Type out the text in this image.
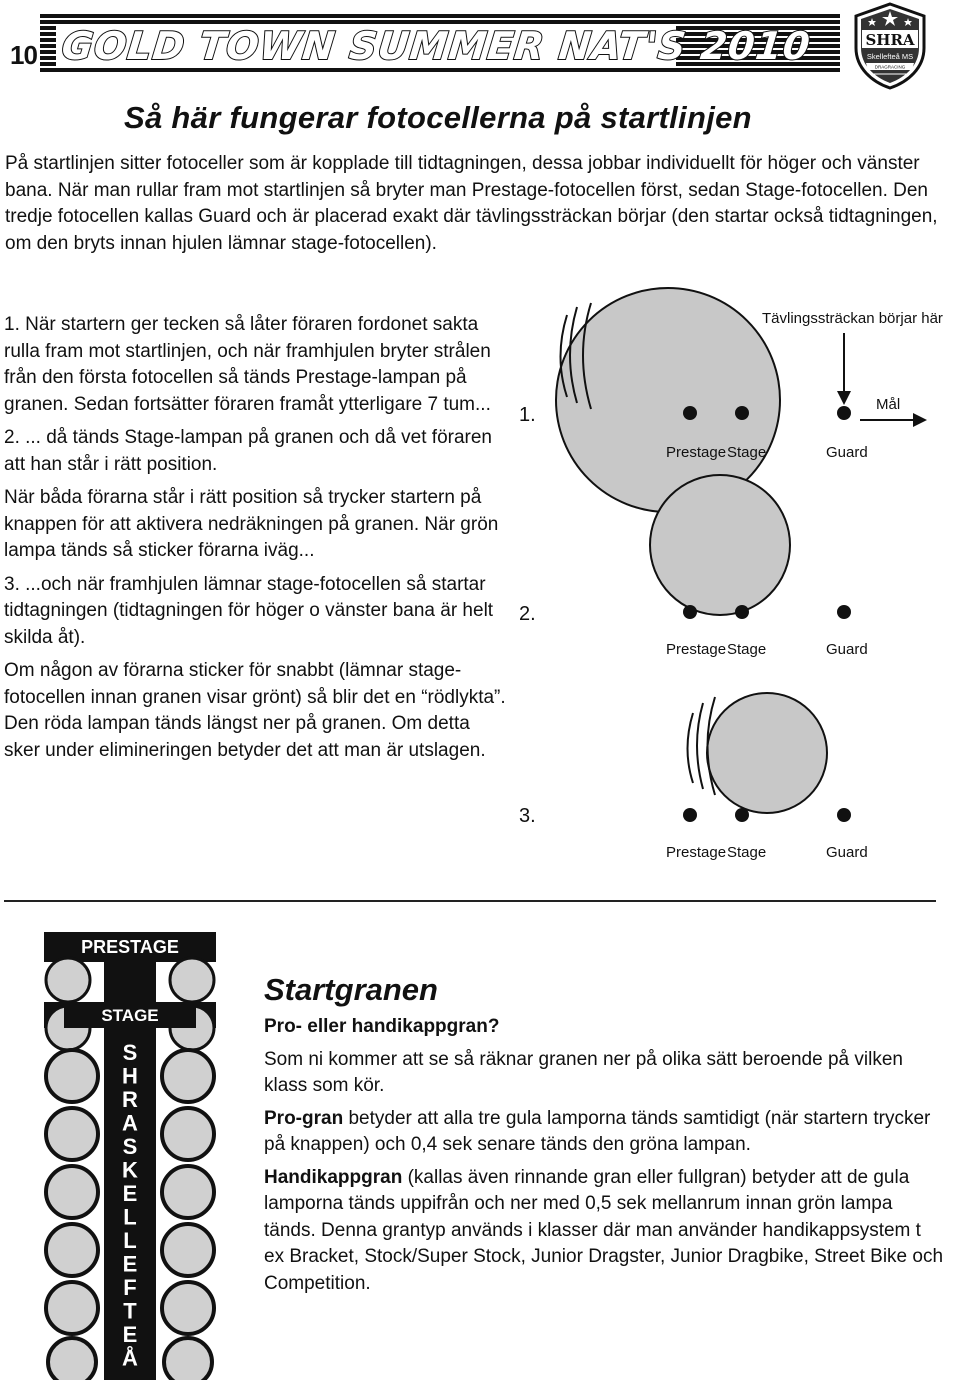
10 GOLD TOWN SUMMER NAT'S 2010	SHRA
Skellefteå MS
DRAGRACING
Så här fungerar fotocellerna på startlinjen
På startlinjen sitter fotoceller som är kopplade till tidtagningen, dessa jobbar individuellt för höger och vänster bana. När man rullar fram mot startlinjen så bryter man Prestage-fotocellen först, sedan Stage-fotocellen. Den tredje fotocellen kallas Guard och är placerad exakt där tävlingssträckan börjar (den startar också tidtagningen, om den bryts innan hjulen lämnar stage-fotocellen).

1. När startern ger tecken så låter föraren fordonet sakta rulla fram mot startlinjen, och när framhjulen bryter strålen från den första fotocellen så tänds Prestage-lampan på granen. Sedan fortsätter föraren framåt ytterligare 7 tum...

2. ... då tänds Stage-lampan på granen och då vet föraren att han står i rätt position.

När båda förarna står i rätt position så trycker startern på knappen för att aktivera nedräkningen på granen. När grön lampa tänds så sticker förarna iväg...

3. ...och när framhjulen lämnar stage-fotocellen så startar tidtagningen (tidtagningen för höger o vänster bana är helt skilda åt).

Om någon av förarna sticker för snabbt (lämnar stage-fotocellen innan granen visar grönt) så blir det en “rödlykta”. Den röda lampan tänds längst ner på granen. Om detta sker under elimineringen betyder det att man är utslagen.

1.
Prestage Stage	Guard
Tävlingssträckan börjar här
Mål
2.
Prestage Stage	Guard
3.
Prestage Stage	Guard
PRESTAGE
STAGE
S
H
R
A
S
K
E
L
L
E
F
T
E
Å
Startgranen

Pro- eller handikappgran?

Som ni kommer att se så räknar granen ner på olika sätt beroende på vilken klass som kör.

Pro-gran betyder att alla tre gula lamporna tänds samtidigt (när startern trycker på knappen) och 0,4 sek senare tänds den gröna lampan.

Handikappgran (kallas även rinnande gran eller fullgran) betyder att de gula lamporna tänds uppifrån och ner med 0,5 sek mellanrum innan grön lampa tänds. Denna grantyp används i klasser där man använder handikappsystem t ex Bracket, Stock/Super Stock, Junior Dragster, Junior Dragbike, Street Bike och Competition.
